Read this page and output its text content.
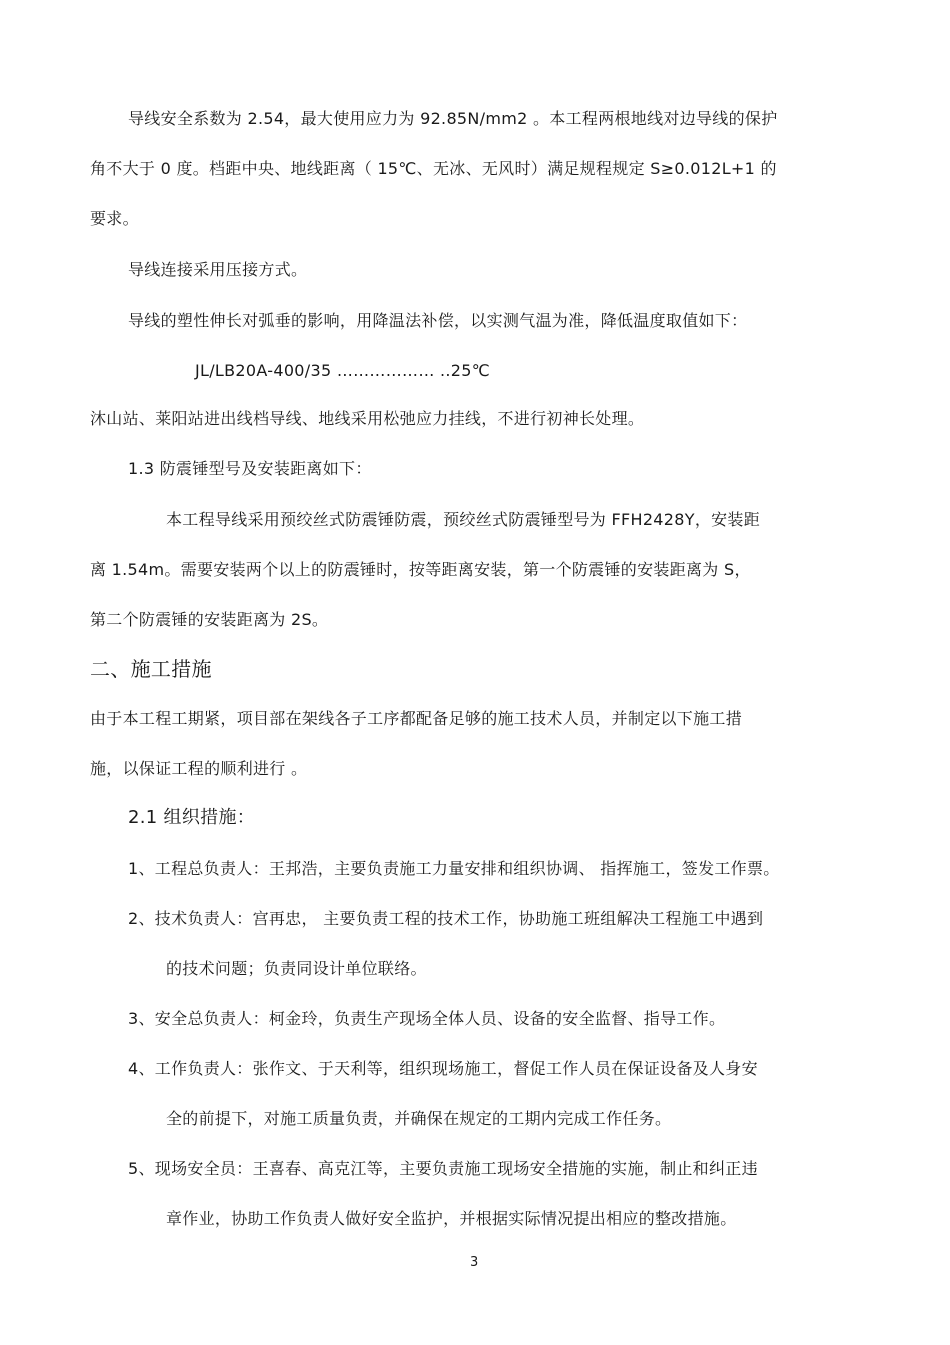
导线安全系数为 2.54，最大使用应力为 92.85N/mm2 。本工程两根地线对边导线的保护
角不大于 0 度。档距中央、地线距离（ 15℃、无冰、无风时）满足规程规定 S≥0.012L+1 的
要求。
导线连接采用压接方式。
导线的塑性伸长对弧垂的影响，用降温法补偿，以实测气温为准，降低温度取值如下：
JL/LB20A-400/35 ……………… ..25℃
沐山站、莱阳站进出线档导线、地线采用松弛应力挂线，不进行初神长处理。
1.3 防震锤型号及安装距离如下：
本工程导线采用预绞丝式防震锤防震，预绞丝式防震锤型号为 FFH2428Y，安装距
离 1.54m。需要安装两个以上的防震锤时，按等距离安装，第一个防震锤的安装距离为 S，
第二个防震锤的安装距离为 2S。
二、施工措施
由于本工程工期紧，项目部在架线各子工序都配备足够的施工技术人员，并制定以下施工措
施，以保证工程的顺利进行 。
2.1 组织措施：
1、工程总负责人：王邦浩，主要负责施工力量安排和组织协调、 指挥施工，签发工作票。
2、技术负责人：宫再忠， 主要负责工程的技术工作，协助施工班组解决工程施工中遇到
的技术问题；负责同设计单位联络。
3、安全总负责人：柯金玲，负责生产现场全体人员、设备的安全监督、指导工作。
4、工作负责人：张作文、于天利等，组织现场施工，督促工作人员在保证设备及人身安
全的前提下，对施工质量负责，并确保在规定的工期内完成工作任务。
5、现场安全员：王喜春、高克江等，主要负责施工现场安全措施的实施，制止和纠正违
章作业，协助工作负责人做好安全监护，并根据实际情况提出相应的整改措施。
3
